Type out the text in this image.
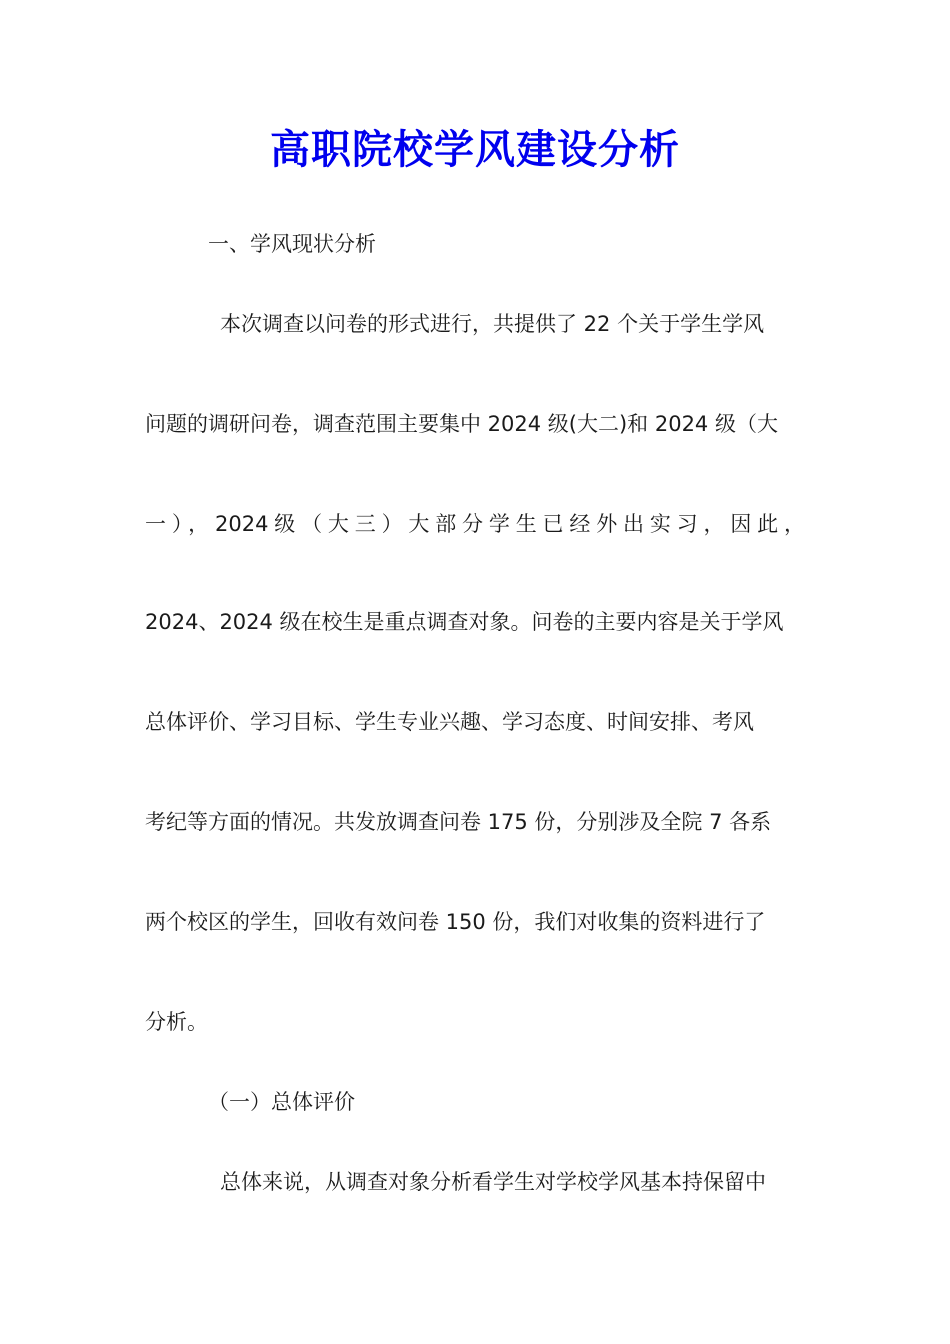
高职院校学风建设分析

一、学风现状分析

本次调查以问卷的形式进行，共提供了 22 个关于学生学风

问题的调研问卷，调查范围主要集中 2024 级(大二)和 2024 级（大

一），2024级（大三）大部分学生已经外出实习，因此，

2024、2024 级在校生是重点调查对象。问卷的主要内容是关于学风

总体评价、学习目标、学生专业兴趣、学习态度、时间安排、考风

考纪等方面的情况。共发放调查问卷 175 份，分别涉及全院 7 各系

两个校区的学生，回收有效问卷 150 份，我们对收集的资料进行了

分析。

（一）总体评价

总体来说，从调查对象分析看学生对学校学风基本持保留中
